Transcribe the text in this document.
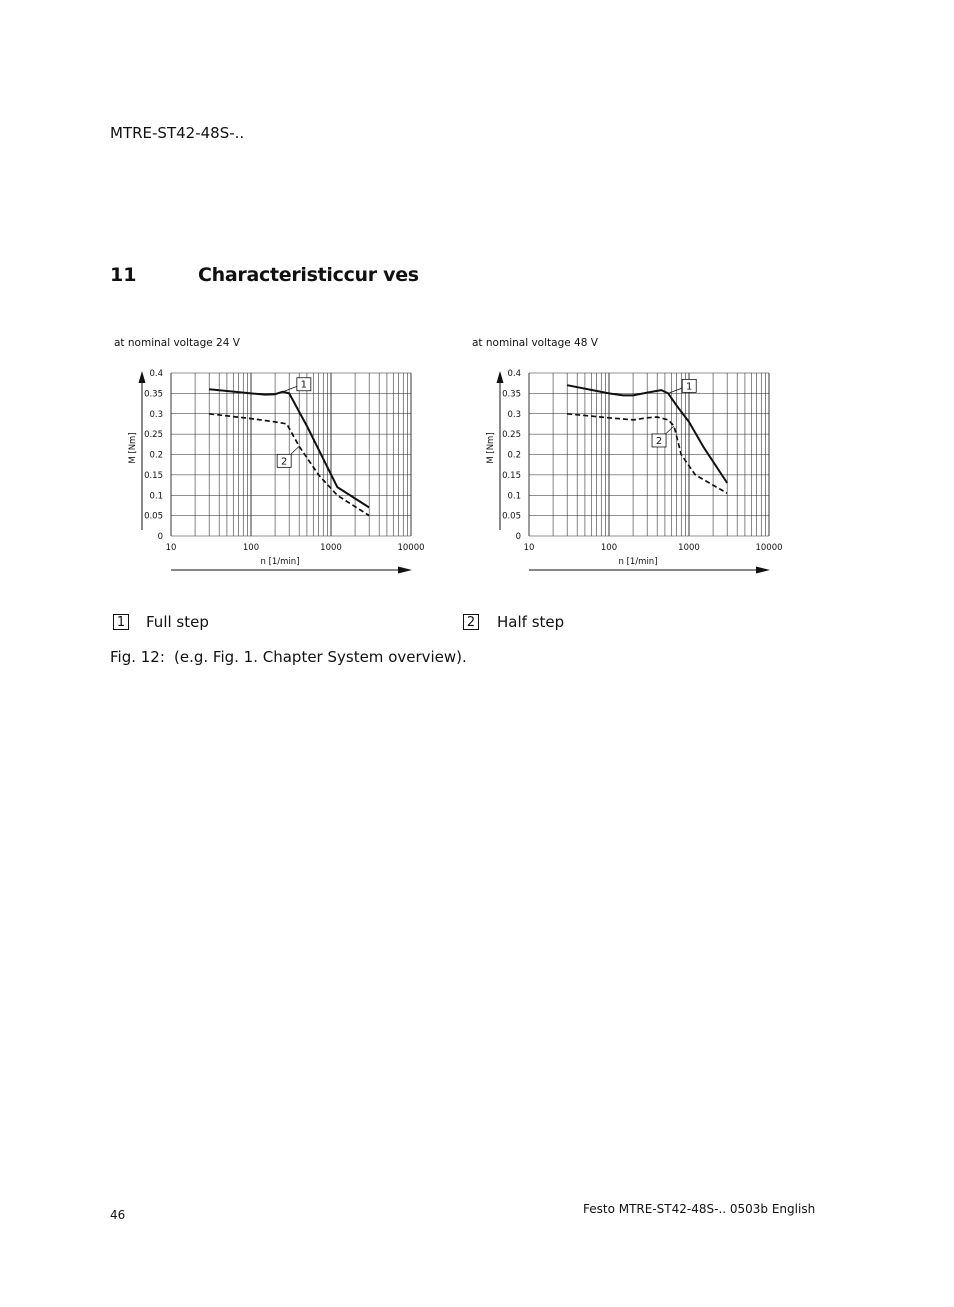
MTRE-ST42-48S-..
11	Characteristiccur ves
at nominal voltage 24 V
0
0.05
0.1
0.15
0.2
0.25
0.3
0.35
0.4
10	100	1000	10000
M [Nm]
n [1/min]
1
2
at nominal voltage 48 V
0
0.05
0.1
0.15
0.2
0.25
0.3
0.35
0.4
10	100	1000	10000
M [Nm]
n [1/min]
1
2
1 Full step	2 Half step
Fig. 12: (e.g. Fig. 1. Chapter System overview).
46	Festo MTRE-ST42-48S-.. 0503b English
